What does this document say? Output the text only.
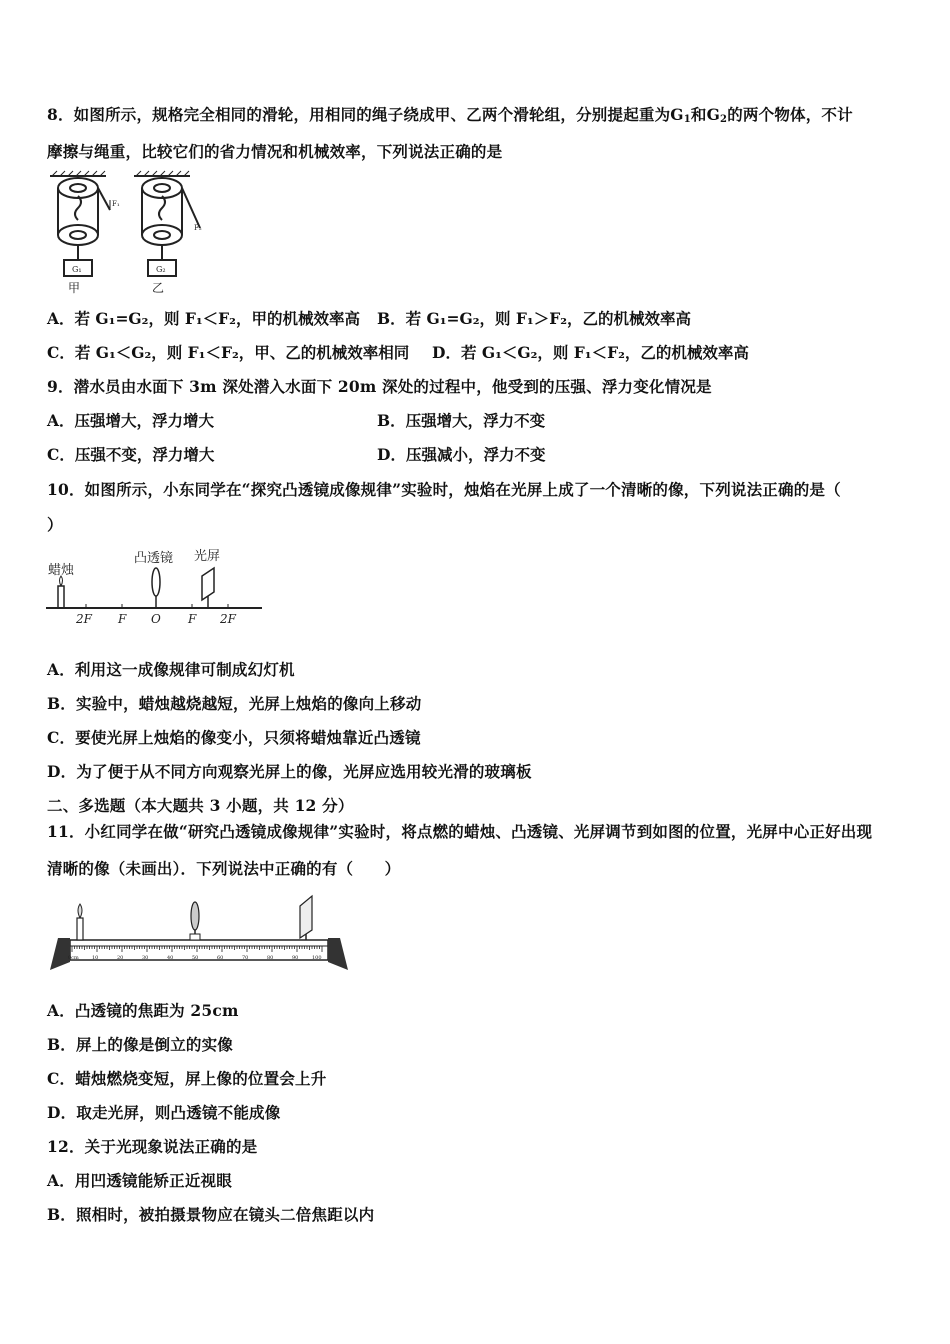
8．如图所示，规格完全相同的滑轮，用相同的绳子绕成甲、乙两个滑轮组，分别提起重为$G_1$和$G_2$的两个物体，不计
摩擦与绳重，比较它们的省力情况和机械效率，下列说法正确的是
F₁
G₁
甲
F₂
G₂
乙
A．若 G₁=G₂，则 F₁＜F₂，甲的机械效率高 B．若 G₁=G₂，则 F₁＞F₂，乙的机械效率高
C．若 G₁＜G₂，则 F₁＜F₂，甲、乙的机械效率相同 D．若 G₁＜G₂，则 F₁＜F₂，乙的机械效率高
9．潜水员由水面下 3m 深处潜入水面下 20m 深处的过程中，他受到的压强、浮力变化情况是
A．压强增大，浮力增大	B．压强增大，浮力不变
C．压强不变，浮力增大	D．压强减小，浮力不变
10．如图所示，小东同学在“探究凸透镜成像规律”实验时，烛焰在光屏上成了一个清晰的像，下列说法正确的是（
）
蜡烛
凸透镜 光屏
2F F O F 2F
A．利用这一成像规律可制成幻灯机
B．实验中，蜡烛越烧越短，光屏上烛焰的像向上移动
C．要使光屏上烛焰的像变小，只须将蜡烛靠近凸透镜
D．为了便于从不同方向观察光屏上的像，光屏应选用较光滑的玻璃板
二、多选题（本大题共 3 小题，共 12 分）
11．小红同学在做“研究凸透镜成像规律”实验时，将点燃的蜡烛、凸透镜、光屏调节到如图的位置，光屏中心正好出现
清晰的像（未画出）．下列说法中正确的有（　　）
0cm	10	20	30	40	50	60	70	80	90	100
A．凸透镜的焦距为 25cm
B．屏上的像是倒立的实像
C．蜡烛燃烧变短，屏上像的位置会上升
D．取走光屏，则凸透镜不能成像
12．关于光现象说法正确的是
A．用凹透镜能矫正近视眼
B．照相时，被拍摄景物应在镜头二倍焦距以内
